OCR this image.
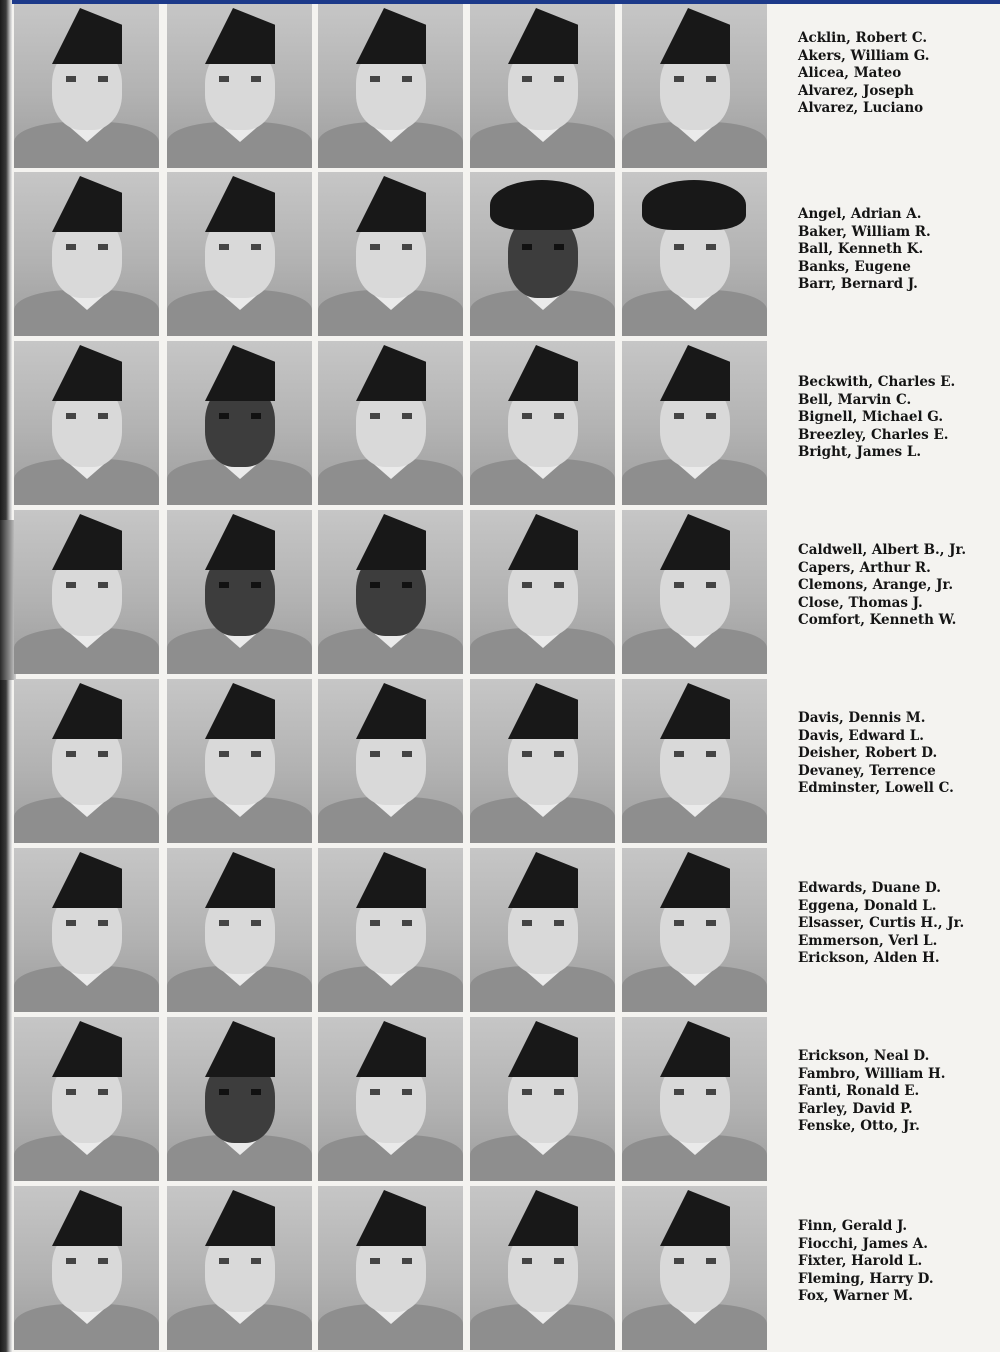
Acklin, Robert C.
Akers, William G.
Alicea, Mateo
Alvarez, Joseph
Alvarez, Luciano
Angel, Adrian A.
Baker, William R.
Ball, Kenneth K.
Banks, Eugene
Barr, Bernard J.
Beckwith, Charles E.
Bell, Marvin C.
Bignell, Michael G.
Breezley, Charles E.
Bright, James L.
Caldwell, Albert B., Jr.
Capers, Arthur R.
Clemons, Arange, Jr.
Close, Thomas J.
Comfort, Kenneth W.
Davis, Dennis M.
Davis, Edward L.
Deisher, Robert D.
Devaney, Terrence
Edminster, Lowell C.
Edwards, Duane D.
Eggena, Donald L.
Elsasser, Curtis H., Jr.
Emmerson, Verl L.
Erickson, Alden H.
Erickson, Neal D.
Fambro, William H.
Fanti, Ronald E.
Farley, David P.
Fenske, Otto, Jr.
Finn, Gerald J.
Fiocchi, James A.
Fixter, Harold L.
Fleming, Harry D.
Fox, Warner M.
